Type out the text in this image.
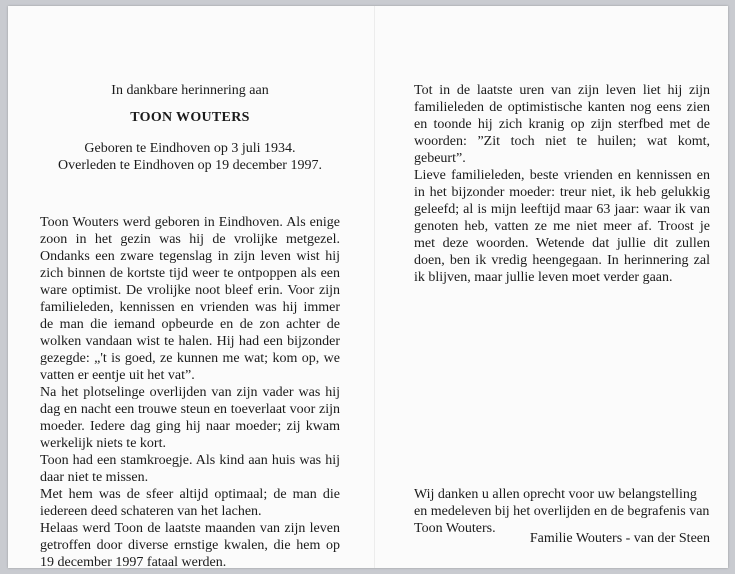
In dankbare herinnering aan
TOON WOUTERS
Geboren te Eindhoven op 3 juli 1934.
Overleden te Eindhoven op 19 december 1997.

Toon Wouters werd geboren in Eindhoven. Als enige zoon in het gezin was hij de vrolijke metgezel. Ondanks een zware tegenslag in zijn leven wist hij zich binnen de kortste tijd weer te ontpoppen als een ware optimist. De vrolijke noot bleef erin. Voor zijn familieleden, kennissen en vrienden was hij immer de man die iemand opbeurde en de zon achter de wolken vandaan wist te halen. Hij had een bijzonder gezegde: „'t is goed, ze kunnen me wat; kom op, we vatten er eentje uit het vat”.

Na het plotselinge overlijden van zijn vader was hij dag en nacht een trouwe steun en toeverlaat voor zijn moeder. Iedere dag ging hij naar moeder; zij kwam werkelijk niets te kort.

Toon had een stamkroegje. Als kind aan huis was hij daar niet te missen.

Met hem was de sfeer altijd optimaal; de man die iedereen deed schateren van het lachen.

Helaas werd Toon de laatste maanden van zijn leven getroffen door diverse ernstige kwalen, die hem op 19 december 1997 fataal werden.

Tot in de laatste uren van zijn leven liet hij zijn familieleden de optimistische kanten nog eens zien en toonde hij zich kranig op zijn sterfbed met de woorden: ”Zit toch niet te huilen; wat komt, gebeurt”.

Lieve familieleden, beste vrienden en kennissen en in het bijzonder moeder: treur niet, ik heb gelukkig geleefd; al is mijn leeftijd maar 63 jaar: waar ik van genoten heb, vatten ze me niet meer af. Troost je met deze woorden. Wetende dat jullie dit zullen doen, ben ik vredig heengegaan. In herinnering zal ik blijven, maar jullie leven moet verder gaan.

Wij danken u allen oprecht voor uw belangstelling en medeleven bij het overlijden en de begrafenis van Toon Wouters.

Familie Wouters - van der Steen
